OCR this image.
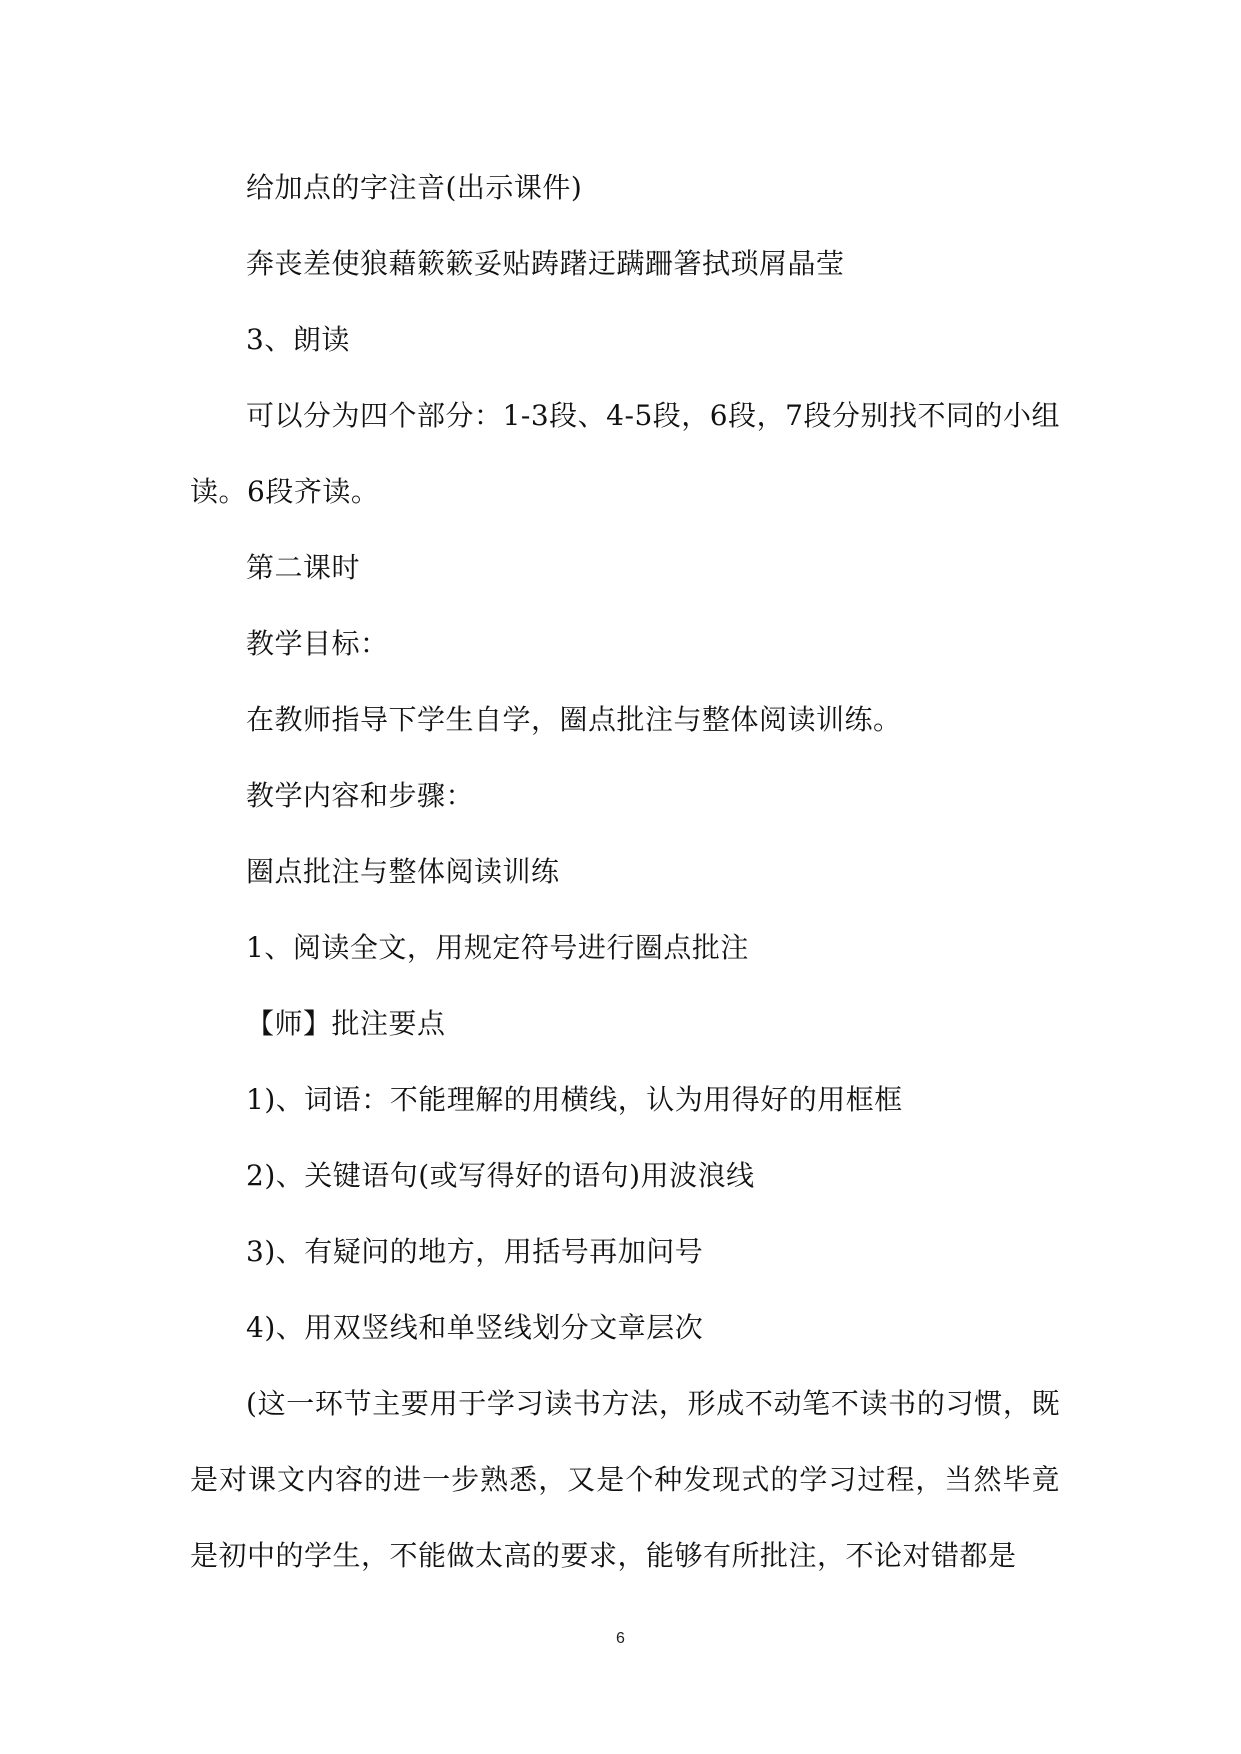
给加点的字注音(出示课件)

奔丧差使狼藉簌簌妥贴踌躇迂蹒跚箸拭琐屑晶莹

3、朗读

可以分为四个部分：1-3段、4-5段，6段，7段分别找不同的小组读。6段齐读。

第二课时

教学目标：

在教师指导下学生自学，圈点批注与整体阅读训练。

教学内容和步骤：

圈点批注与整体阅读训练

1、阅读全文，用规定符号进行圈点批注

【师】批注要点

1)、词语：不能理解的用横线，认为用得好的用框框

2)、关键语句(或写得好的语句)用波浪线

3)、有疑问的地方，用括号再加问号

4)、用双竖线和单竖线划分文章层次

(这一环节主要用于学习读书方法，形成不动笔不读书的习惯，既是对课文内容的进一步熟悉，又是个种发现式的学习过程，当然毕竟是初中的学生，不能做太高的要求，能够有所批注，不论对错都是

6
